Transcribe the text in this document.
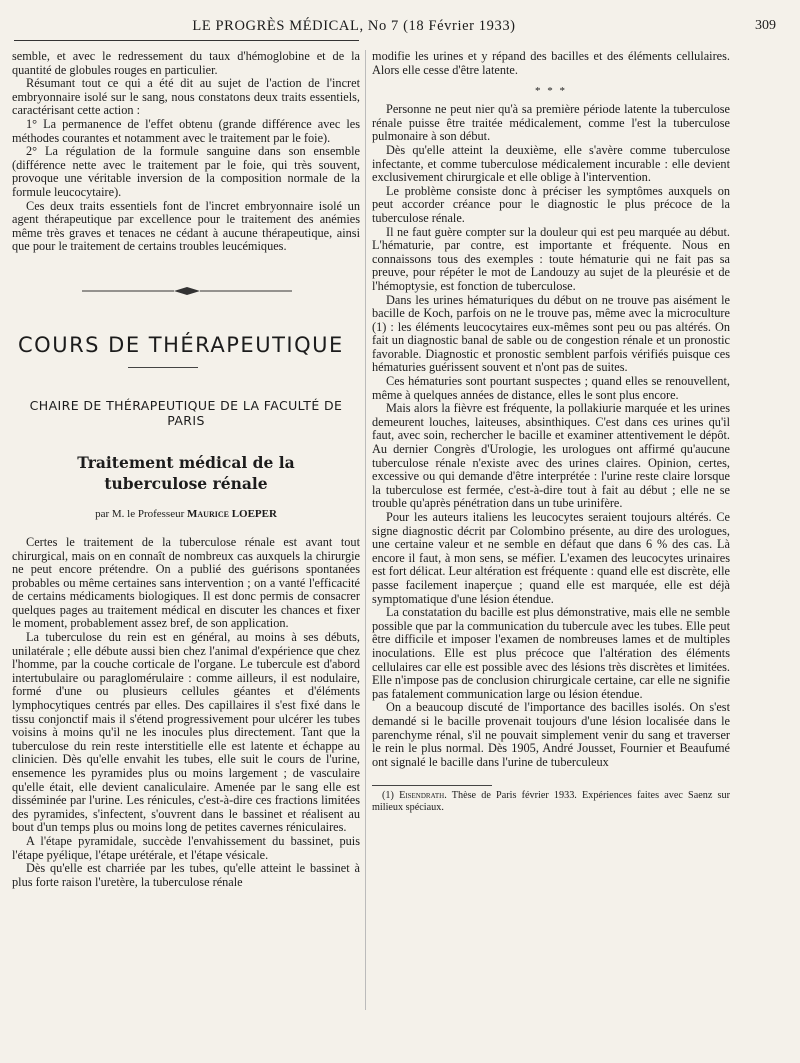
LE PROGRÈS MÉDICAL, No 7 (18 Février 1933)	309

semble, et avec le redressement du taux d'hémoglobine et de la quantité de globules rouges en particulier.

Résumant tout ce qui a été dit au sujet de l'action de l'incret embryonnaire isolé sur le sang, nous constatons deux traits essentiels, caractérisant cette action :

1° La permanence de l'effet obtenu (grande différence avec les méthodes courantes et notamment avec le traitement par le foie).

2° La régulation de la formule sanguine dans son ensemble (différence nette avec le traitement par le foie, qui très souvent, provoque une véritable inversion de la composition normale de la formule leucocytaire).

Ces deux traits essentiels font de l'incret embryonnaire isolé un agent thérapeutique par excellence pour le traitement des anémies même très graves et tenaces ne cédant à aucune thérapeutique, ainsi que pour le traitement de certains troubles leucémiques.

COURS DE THÉRAPEUTIQUE
CHAIRE DE THÉRAPEUTIQUE DE LA FACULTÉ DE PARIS
Traitement médical de la
tuberculose rénale
par M. le Professeur Maurice LOEPER

Certes le traitement de la tuberculose rénale est avant tout chirurgical, mais on en connaît de nombreux cas auxquels la chirurgie ne peut encore prétendre. On a publié des guérisons spontanées probables ou même certaines sans intervention ; on a vanté l'efficacité de certains médicaments biologiques. Il est donc permis de consacrer quelques pages au traitement médical en discuter les chances et fixer le moment, probablement assez bref, de son application.

La tuberculose du rein est en général, au moins à ses débuts, unilatérale ; elle débute aussi bien chez l'animal d'expérience que chez l'homme, par la couche corticale de l'organe. Le tubercule est d'abord intertubulaire ou paraglomérulaire : comme ailleurs, il est nodulaire, formé d'une ou plusieurs cellules géantes et d'éléments lymphocytiques centrés par elles. Des capillaires il s'est fixé dans le tissu conjonctif mais il s'étend progressivement pour ulcérer les tubes voisins à moins qu'il ne les inocules plus directement. Tant que la tuberculose du rein reste interstitielle elle est latente et échappe au clinicien. Dès qu'elle envahit les tubes, elle suit le cours de l'urine, ensemence les pyramides plus ou moins largement ; de vasculaire qu'elle était, elle devient canaliculaire. Amenée par le sang elle est disséminée par l'urine. Les rénicules, c'est-à-dire ces fractions limitées des pyramides, s'infectent, s'ouvrent dans le bassinet et réalisent au bout d'un temps plus ou moins long de petites cavernes réniculaires.

A l'étape pyramidale, succède l'envahissement du bassinet, puis l'étape pyélique, l'étape urétérale, et l'étape vésicale.

Dès qu'elle est charriée par les tubes, qu'elle atteint le bassinet à plus forte raison l'uretère, la tuberculose rénale

modifie les urines et y répand des bacilles et des éléments cellulaires. Alors elle cesse d'être latente.

* * *

Personne ne peut nier qu'à sa première période latente la tuberculose rénale puisse être traitée médicalement, comme l'est la tuberculose pulmonaire à son début.

Dès qu'elle atteint la deuxième, elle s'avère comme tuberculose infectante, et comme tuberculose médicalement incurable : elle devient exclusivement chirurgicale et elle oblige à l'intervention.

Le problème consiste donc à préciser les symptômes auxquels on peut accorder créance pour le diagnostic le plus précoce de la tuberculose rénale.

Il ne faut guère compter sur la douleur qui est peu marquée au début. L'hématurie, par contre, est importante et fréquente. Nous en connaissons tous des exemples : toute hématurie qui ne fait pas sa preuve, pour répéter le mot de Landouzy au sujet de la pleurésie et de l'hémoptysie, est fonction de tuberculose.

Dans les urines hématuriques du début on ne trouve pas aisément le bacille de Koch, parfois on ne le trouve pas, même avec la microculture (1) : les éléments leucocytaires eux-mêmes sont peu ou pas altérés. On fait un diagnostic banal de sable ou de congestion rénale et un pronostic favorable. Diagnostic et pronostic semblent parfois vérifiés puisque ces hématuries guérissent souvent et n'ont pas de suites.

Ces hématuries sont pourtant suspectes ; quand elles se renouvellent, même à quelques années de distance, elles le sont plus encore.

Mais alors la fièvre est fréquente, la pollakiurie marquée et les urines demeurent louches, laiteuses, absinthiques. C'est dans ces urines qu'il faut, avec soin, rechercher le bacille et examiner attentivement le dépôt. Au dernier Congrès d'Urologie, les urologues ont affirmé qu'aucune tuberculose rénale n'existe avec des urines claires. Opinion, certes, excessive ou qui demande d'être interprétée : l'urine reste claire lorsque la tuberculose est fermée, c'est-à-dire tout à fait au début ; elle ne se trouble qu'après pénétration dans un tube urinifère.

Pour les auteurs italiens les leucocytes seraient toujours altérés. Ce signe diagnostic décrit par Colombino présente, au dire des urologues, une certaine valeur et ne semble en défaut que dans 6 % des cas. Là encore il faut, à mon sens, se méfier. L'examen des leucocytes urinaires est fort délicat. Leur altération est fréquente : quand elle est discrète, elle passe facilement inaperçue ; quand elle est marquée, elle est déjà symptomatique d'une lésion étendue.

La constatation du bacille est plus démonstrative, mais elle ne semble possible que par la communication du tubercule avec les tubes. Elle peut être difficile et imposer l'examen de nombreuses lames et de multiples inoculations. Elle est plus précoce que l'altération des éléments cellulaires car elle est possible avec des lésions très discrètes et limitées. Elle n'impose pas de conclusion chirurgicale certaine, car elle ne signifie pas fatalement communication large ou lésion étendue.

On a beaucoup discuté de l'importance des bacilles isolés. On s'est demandé si le bacille provenait toujours d'une lésion localisée dans le parenchyme rénal, s'il ne pouvait simplement venir du sang et traverser le rein le plus normal. Dès 1905, André Jousset, Fournier et Beaufumé ont signalé le bacille dans l'urine de tuberculeux

(1) Eisendrath. Thèse de Paris février 1933. Expériences faites avec Saenz sur milieux spéciaux.
